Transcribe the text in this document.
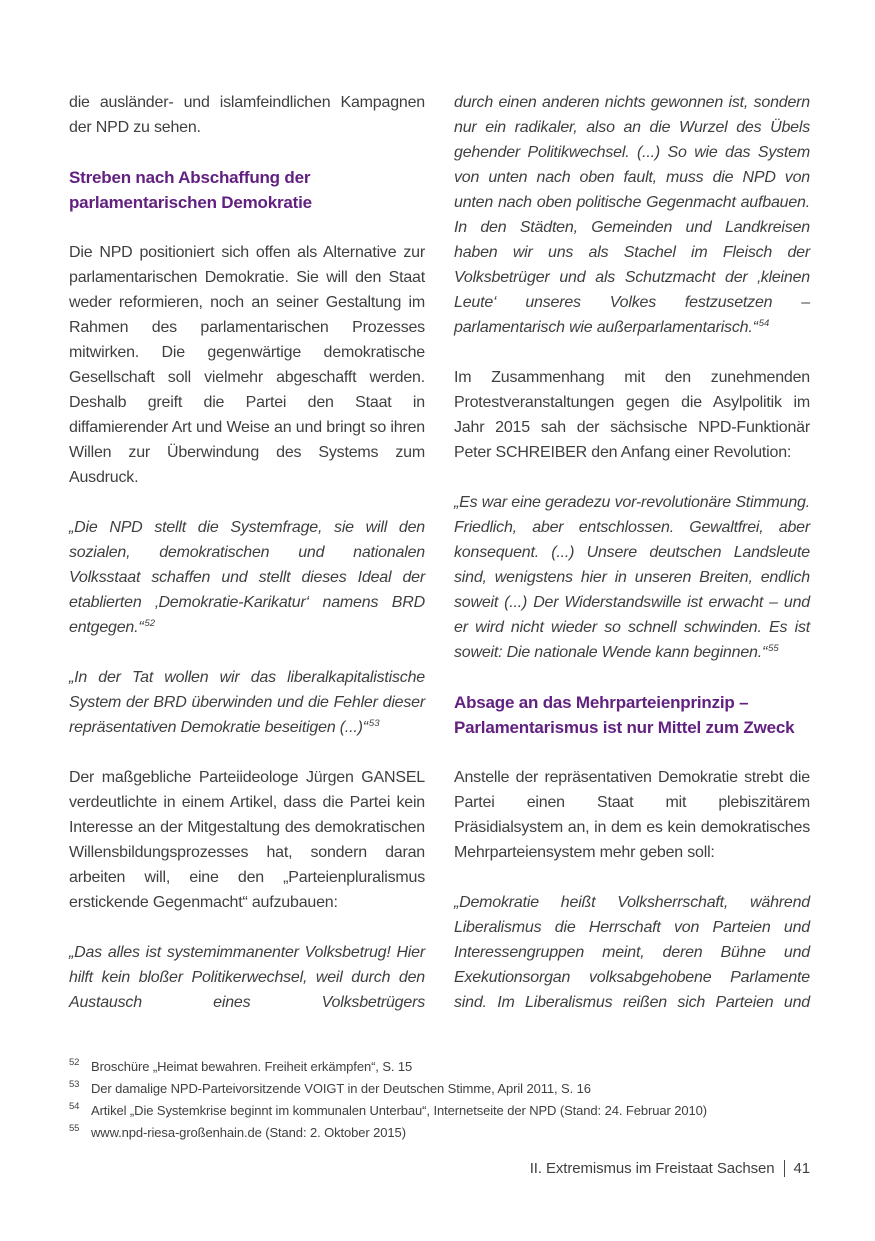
die ausländer- und islamfeindlichen Kampagnen der NPD zu sehen.

Streben nach Abschaffung der
parlamentarischen Demokratie

Die NPD positioniert sich offen als Alternative zur parlamentarischen Demokratie. Sie will den Staat weder reformieren, noch an seiner Gestaltung im Rahmen des parlamentarischen Prozesses mitwirken. Die gegenwärtige demokratische Gesellschaft soll vielmehr abgeschafft werden. Deshalb greift die Partei den Staat in diffamierender Art und Weise an und bringt so ihren Willen zur Überwindung des Systems zum Ausdruck.

„Die NPD stellt die Systemfrage, sie will den sozialen, demokratischen und nationalen Volksstaat schaffen und stellt dieses Ideal der etablierten ‚Demokratie-Karikatur‘ namens BRD entgegen.“$^{52}$

„In der Tat wollen wir das liberalkapitalistische System der BRD überwinden und die Fehler dieser repräsentativen Demokratie beseitigen (...)“$^{53}$

Der maßgebliche Parteiideologe Jürgen GANSEL verdeutlichte in einem Artikel, dass die Partei kein Interesse an der Mitgestaltung des demokratischen Willensbildungsprozesses hat, sondern daran arbeiten will, eine den „Parteienpluralismus erstickende Gegenmacht“ aufzubauen:

„Das alles ist systemimmanenter Volksbetrug! Hier hilft kein bloßer Politikerwechsel, weil durch den Austausch eines Volksbetrügers

durch einen anderen nichts gewonnen ist, sondern nur ein radikaler, also an die Wurzel des Übels gehender Politikwechsel. (...) So wie das System von unten nach oben fault, muss die NPD von unten nach oben politische Gegenmacht aufbauen. In den Städten, Gemeinden und Landkreisen haben wir uns als Stachel im Fleisch der Volksbetrüger und als Schutzmacht der ‚kleinen Leute‘ unseres Volkes festzusetzen – parlamentarisch wie außerparlamentarisch.“$^{54}$

Im Zusammenhang mit den zunehmenden Protestveranstaltungen gegen die Asylpolitik im Jahr 2015 sah der sächsische NPD-Funktionär Peter SCHREIBER den Anfang einer Revolution:

„Es war eine geradezu vor-revolutionäre Stimmung. Friedlich, aber entschlossen. Gewaltfrei, aber konsequent. (...) Unsere deutschen Landsleute sind, wenigstens hier in unseren Breiten, endlich soweit (...) Der Widerstandswille ist erwacht – und er wird nicht wieder so schnell schwinden. Es ist soweit: Die nationale Wende kann beginnen.“$^{55}$

Absage an das Mehrparteienprinzip –
Parlamentarismus ist nur Mittel zum Zweck

Anstelle der repräsentativen Demokratie strebt die Partei einen Staat mit plebiszitärem Präsidialsystem an, in dem es kein demokratisches Mehrparteiensystem mehr geben soll:

„Demokratie heißt Volksherrschaft, während Liberalismus die Herrschaft von Parteien und Interessengruppen meint, deren Bühne und Exekutionsorgan volksabgehobene Parlamente sind. Im Liberalismus reißen sich Parteien und

52 Broschüre „Heimat bewahren. Freiheit erkämpfen“, S. 15
53 Der damalige NPD-Parteivorsitzende VOIGT in der Deutschen Stimme, April 2011, S. 16
54 Artikel „Die Systemkrise beginnt im kommunalen Unterbau“, Internetseite der NPD (Stand: 24. Februar 2010)
55 www.npd-riesa-großenhain.de (Stand: 2. Oktober 2015)
II. Extremismus im Freistaat Sachsen 41
